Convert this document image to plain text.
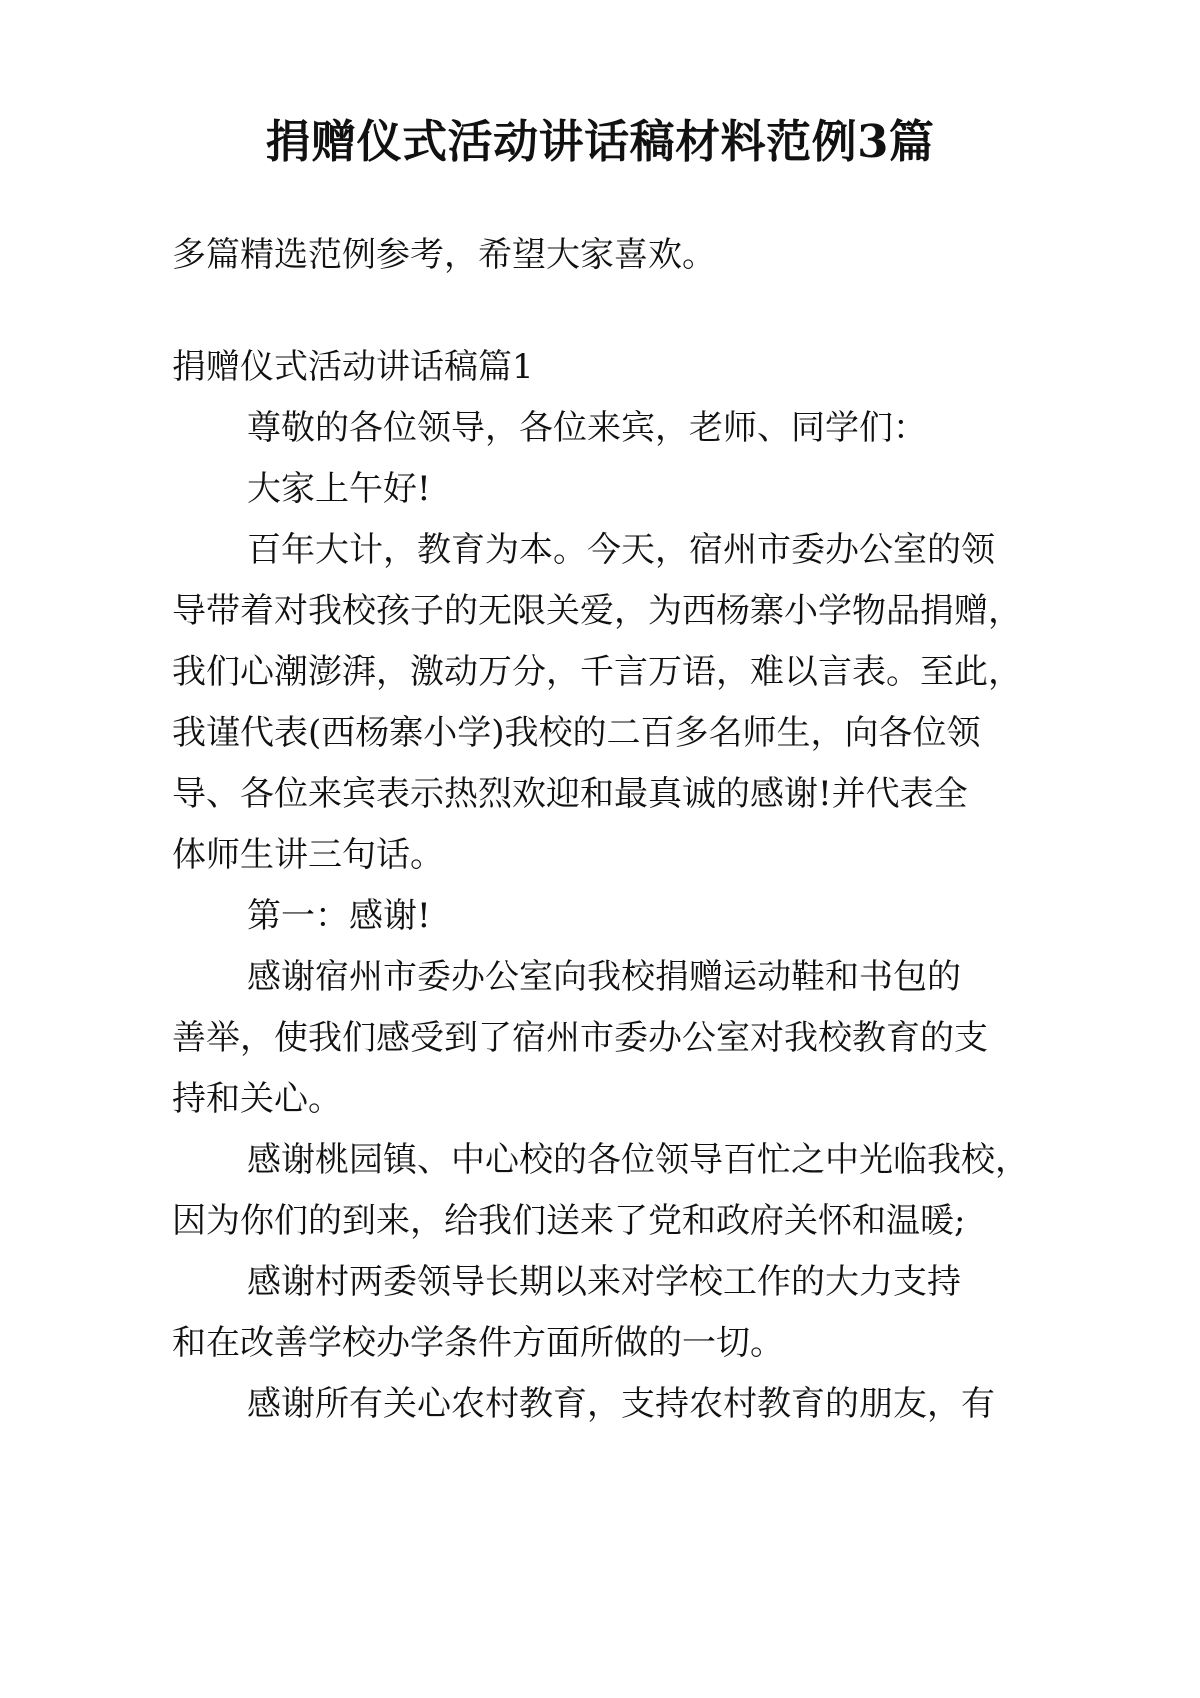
捐赠仪式活动讲话稿材料范例3篇

多篇精选范例参考，希望大家喜欢。

捐赠仪式活动讲话稿篇1

尊敬的各位领导，各位来宾，老师、同学们：

大家上午好!

百年大计，教育为本。今天，宿州市委办公室的领

导带着对我校孩子的无限关爱，为西杨寨小学物品捐赠，

我们心潮澎湃，激动万分，千言万语，难以言表。至此，

我谨代表(西杨寨小学)我校的二百多名师生，向各位领

导、各位来宾表示热烈欢迎和最真诚的感谢!并代表全

体师生讲三句话。

第一：感谢!

感谢宿州市委办公室向我校捐赠运动鞋和书包的

善举，使我们感受到了宿州市委办公室对我校教育的支

持和关心。

感谢桃园镇、中心校的各位领导百忙之中光临我校，

因为你们的到来，给我们送来了党和政府关怀和温暖;

感谢村两委领导长期以来对学校工作的大力支持

和在改善学校办学条件方面所做的一切。

感谢所有关心农村教育，支持农村教育的朋友，有
